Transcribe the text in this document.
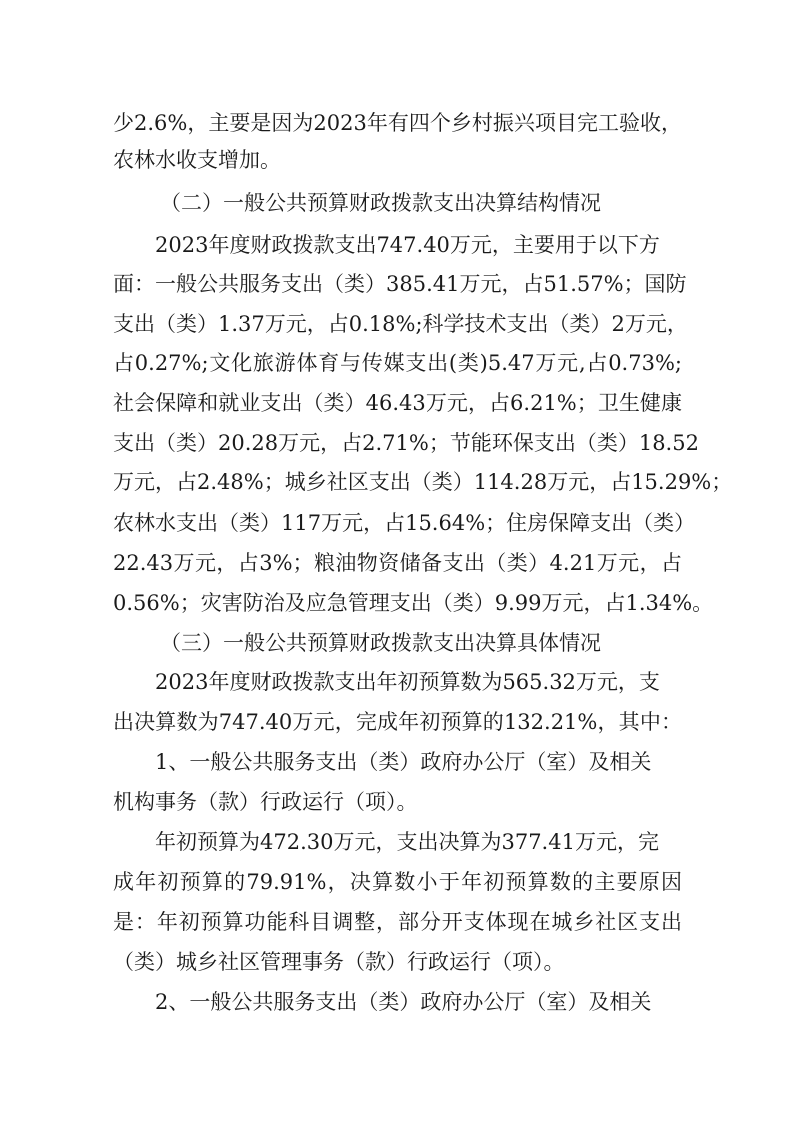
少2.6%，主要是因为2023年有四个乡村振兴项目完工验收，
农林水收支增加。
（二）一般公共预算财政拨款支出决算结构情况
2023年度财政拨款支出747.40万元，主要用于以下方
面：一般公共服务支出（类）385.41万元，占51.57%；国防
支出（类）1.37万元，占0.18%;科学技术支出（类）2万元，
占0.27%;文化旅游体育与传媒支出(类)5.47万元,占0.73%;
社会保障和就业支出（类）46.43万元，占6.21%；卫生健康
支出（类）20.28万元，占2.71%；节能环保支出（类）18.52
万元，占2.48%；城乡社区支出（类）114.28万元，占15.29%；
农林水支出（类）117万元，占15.64%；住房保障支出（类）
22.43万元，占3%；粮油物资储备支出（类）4.21万元，占
0.56%；灾害防治及应急管理支出（类）9.99万元，占1.34%。
（三）一般公共预算财政拨款支出决算具体情况
2023年度财政拨款支出年初预算数为565.32万元，支
出决算数为747.40万元，完成年初预算的132.21%，其中：
1、一般公共服务支出（类）政府办公厅（室）及相关
机构事务（款）行政运行（项）。
年初预算为472.30万元，支出决算为377.41万元，完
成年初预算的79.91%，决算数小于年初预算数的主要原因
是：年初预算功能科目调整，部分开支体现在城乡社区支出
（类）城乡社区管理事务（款）行政运行（项）。
2、一般公共服务支出（类）政府办公厅（室）及相关
